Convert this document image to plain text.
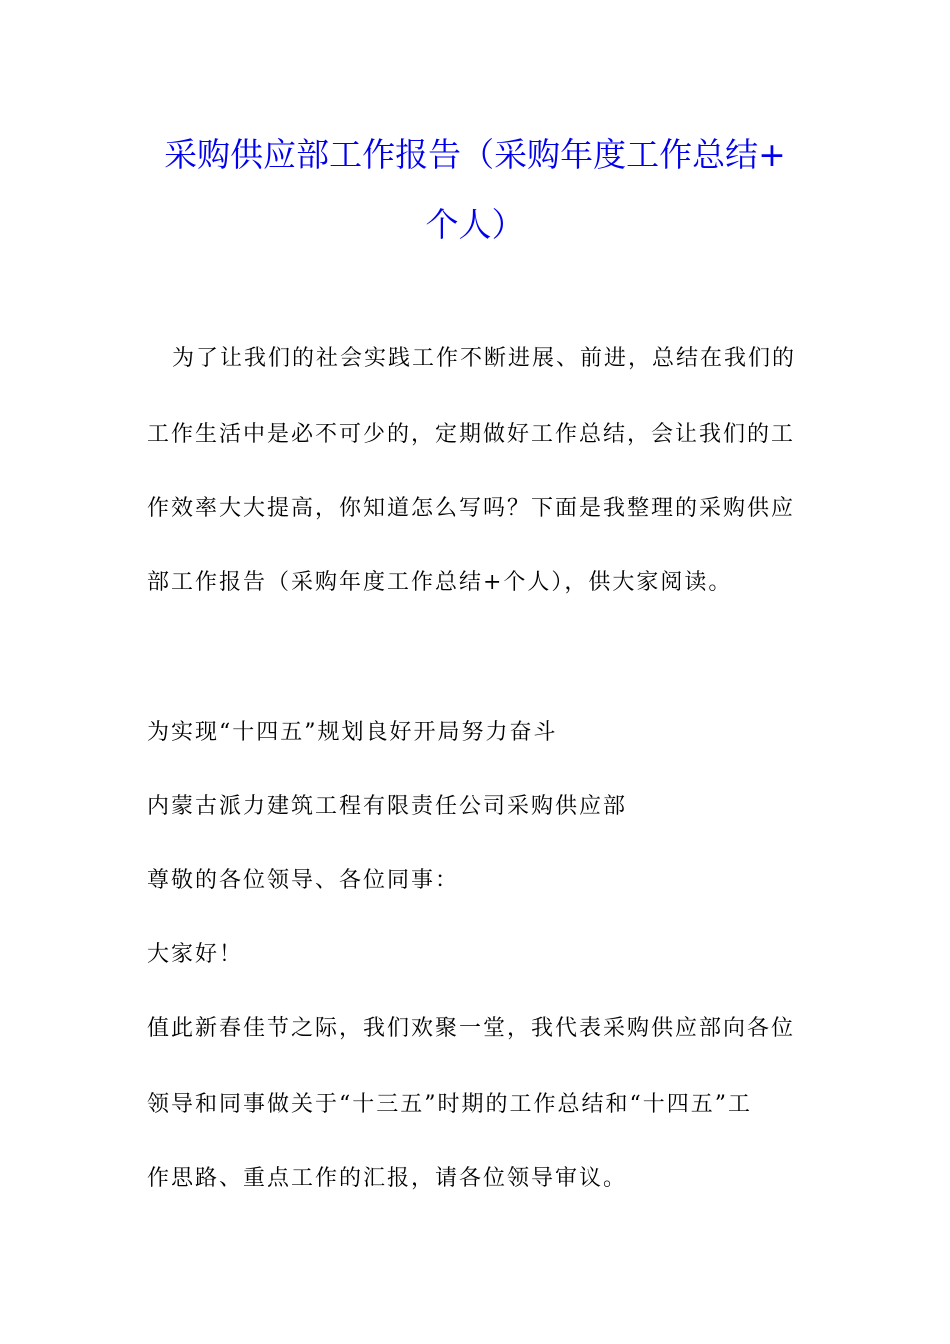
采购供应部工作报告（采购年度工作总结+
个人）

为了让我们的社会实践工作不断进展、前进，总结在我们的

工作生活中是必不可少的，定期做好工作总结，会让我们的工

作效率大大提高，你知道怎么写吗？下面是我整理的采购供应

部工作报告（采购年度工作总结+个人），供大家阅读。

为实现“十四五”规划良好开局努力奋斗

内蒙古派力建筑工程有限责任公司采购供应部

尊敬的各位领导、各位同事：

大家好！

值此新春佳节之际，我们欢聚一堂，我代表采购供应部向各位

领导和同事做关于“十三五”时期的工作总结和“十四五”工

作思路、重点工作的汇报，请各位领导审议。
